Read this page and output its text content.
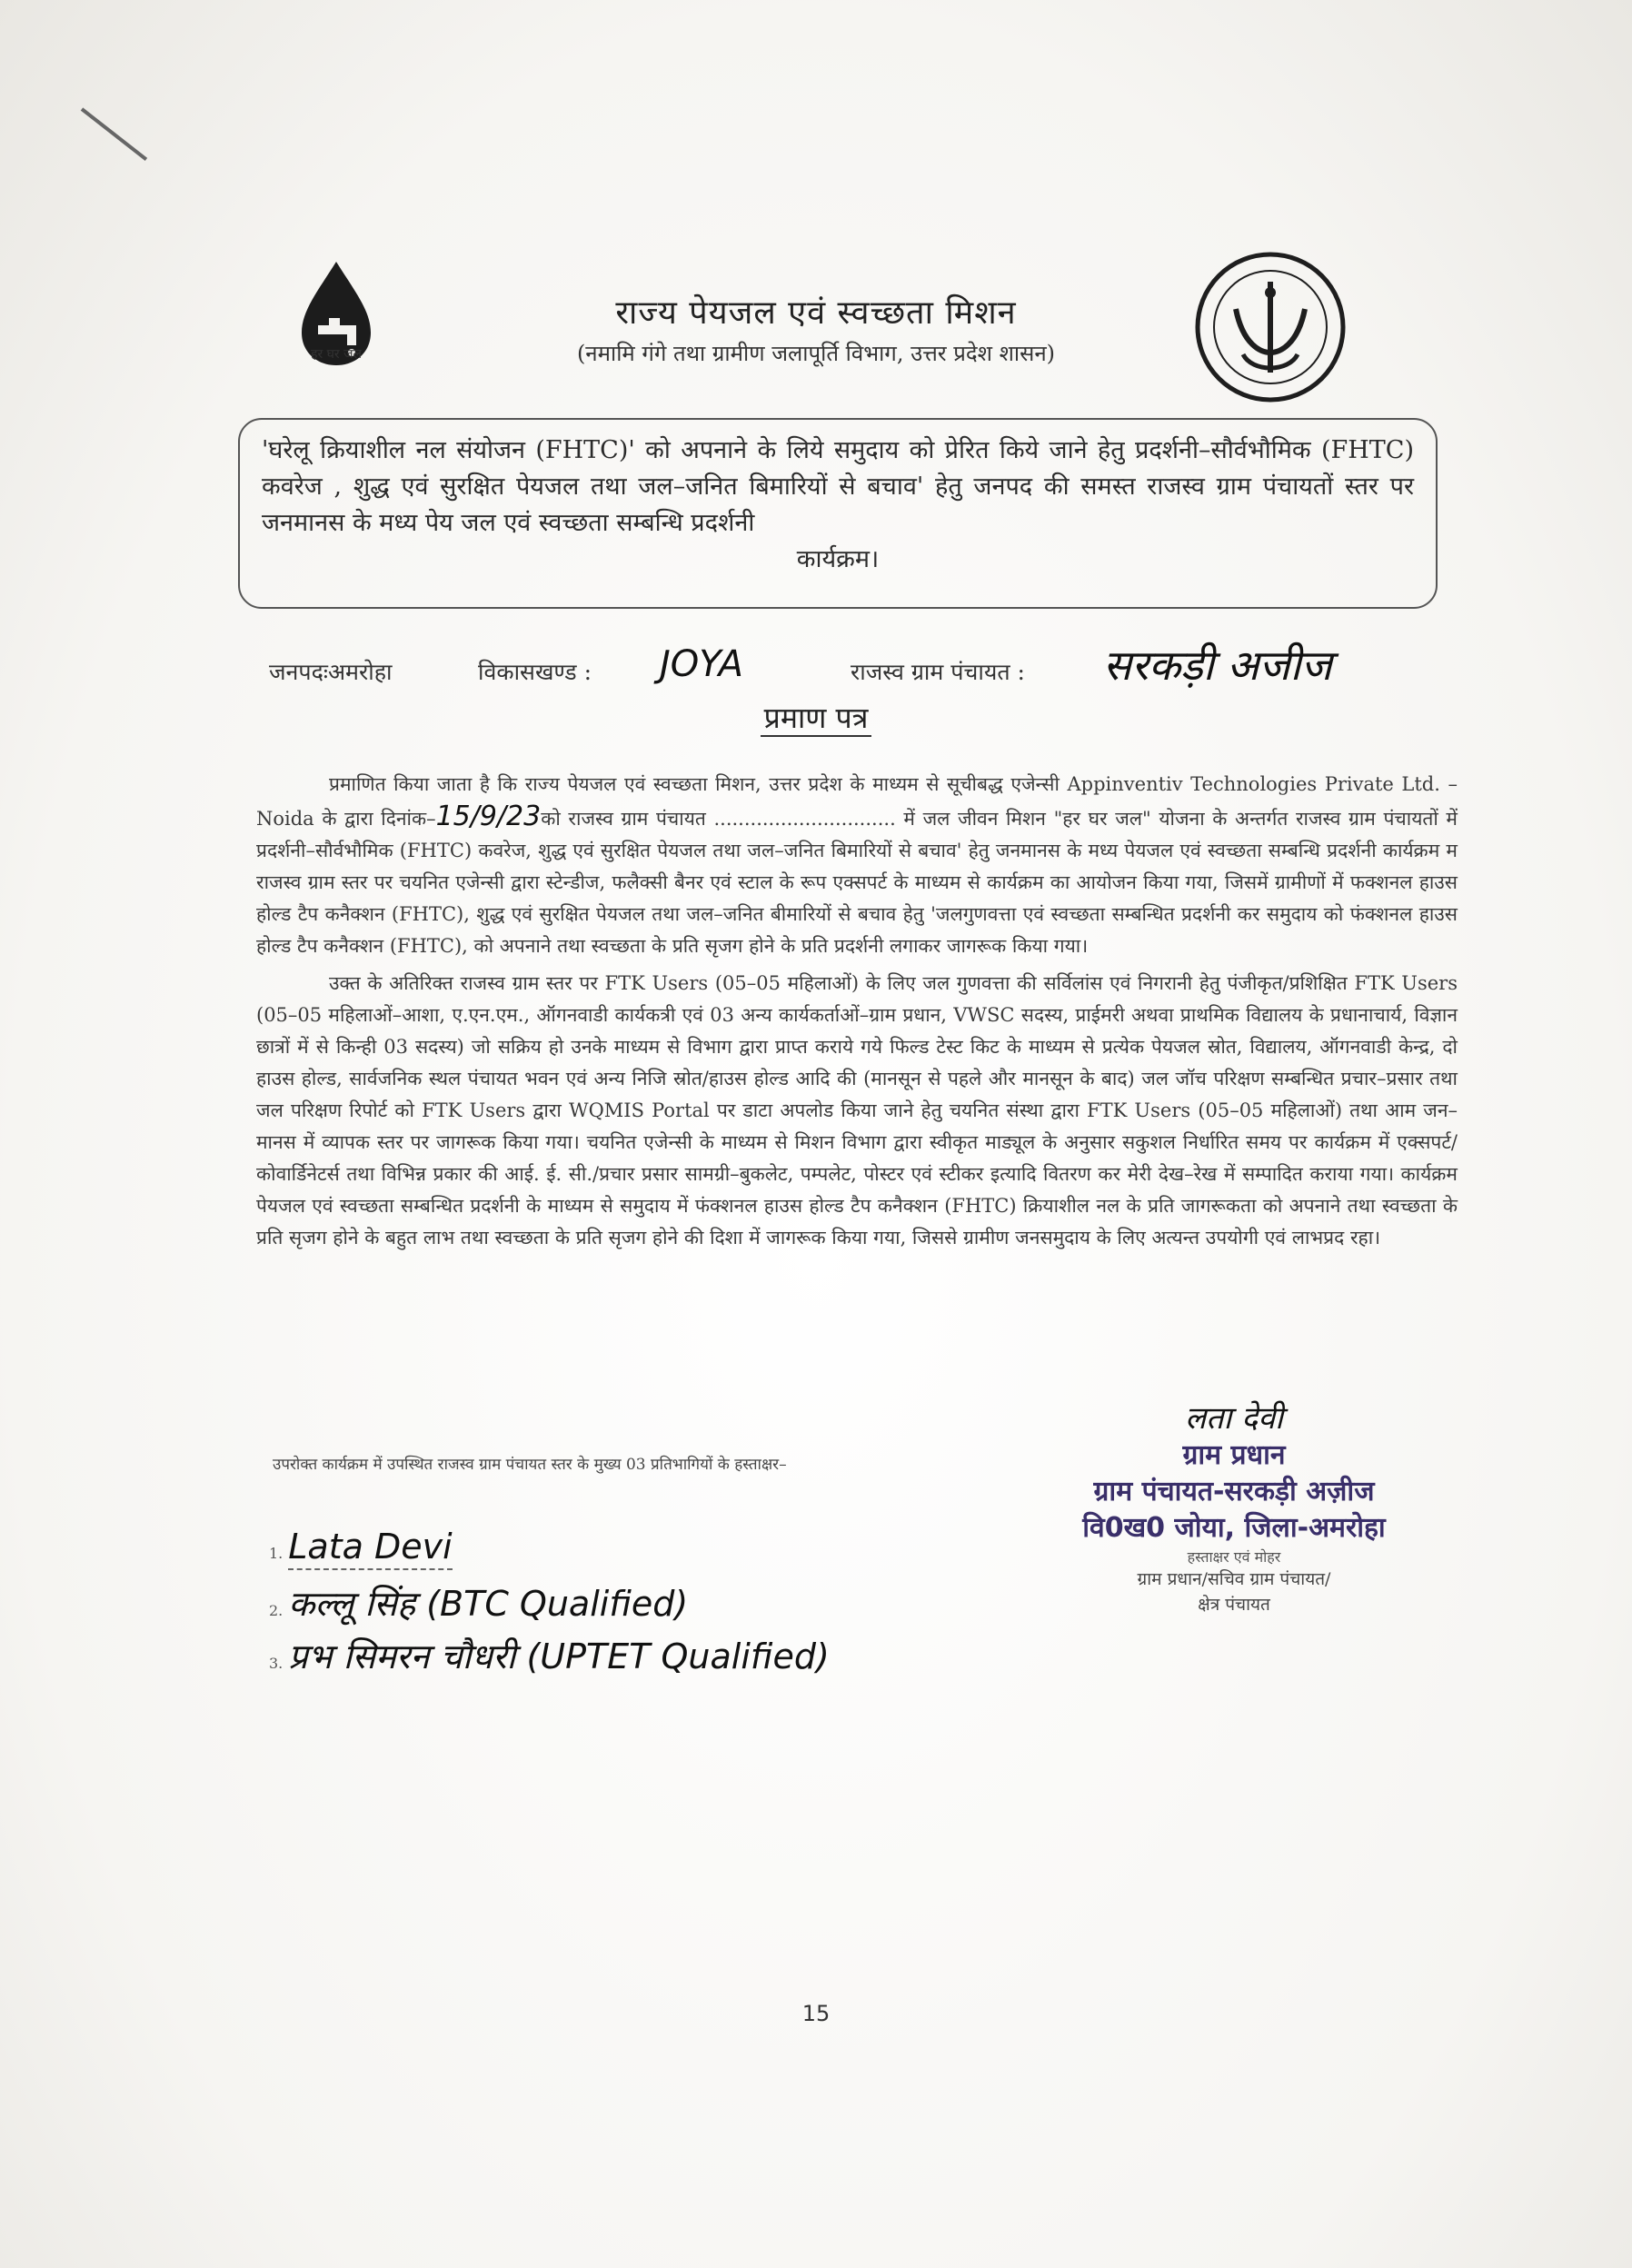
हर घर जल
राज्य पेयजल एवं स्वच्छता मिशन
(नमामि गंगे तथा ग्रामीण जलापूर्ति विभाग, उत्तर प्रदेश शासन)
'घरेलू क्रियाशील नल संयोजन (FHTC)' को अपनाने के लिये समुदाय को प्रेरित किये जाने हेतु प्रदर्शनी–सौर्वभौमिक (FHTC) कवरेज , शुद्ध एवं सुरक्षित पेयजल तथा जल–जनित बिमारियों से बचाव' हेतु जनपद की समस्त राजस्व ग्राम पंचायतों स्तर पर जनमानस के मध्य पेय जल एवं स्वच्छता सम्बन्धि प्रदर्शनी
कार्यक्रम।
जनपदःअमरोहा	विकासखण्ड : JOYA	राजस्व ग्राम पंचायत : सरकड़ी अजीज
प्रमाण पत्र

प्रमाणित किया जाता है कि राज्य पेयजल एवं स्वच्छता मिशन, उत्तर प्रदेश के माध्यम से सूचीबद्ध एजेन्सी Appinventiv Technologies Private Ltd. – Noida के द्वारा दिनांक–15/9/23को राजस्व ग्राम पंचायत .............................. में जल जीवन मिशन "हर घर जल" योजना के अन्तर्गत राजस्व ग्राम पंचायतों में प्रदर्शनी–सौर्वभौमिक (FHTC) कवरेज, शुद्ध एवं सुरक्षित पेयजल तथा जल–जनित बिमारियों से बचाव' हेतु जनमानस के मध्य पेयजल एवं स्वच्छता सम्बन्धि प्रदर्शनी कार्यक्रम म राजस्व ग्राम स्तर पर चयनित एजेन्सी द्वारा स्टेन्डीज, फलैक्सी बैनर एवं स्टाल के रूप एक्सपर्ट के माध्यम से कार्यक्रम का आयोजन किया गया, जिसमें ग्रामीणों में फक्शनल हाउस होल्ड टैप कनैक्शन (FHTC), शुद्ध एवं सुरक्षित पेयजल तथा जल–जनित बीमारियों से बचाव हेतु 'जलगुणवत्ता एवं स्वच्छता सम्बन्धित प्रदर्शनी कर समुदाय को फंक्शनल हाउस होल्ड टैप कनैक्शन (FHTC), को अपनाने तथा स्वच्छता के प्रति सृजग होने के प्रति प्रदर्शनी लगाकर जागरूक किया गया।

उक्त के अतिरिक्त राजस्व ग्राम स्तर पर FTK Users (05–05 महिलाओं) के लिए जल गुणवत्ता की सर्विलांस एवं निगरानी हेतु पंजीकृत/प्रशिक्षित FTK Users (05–05 महिलाओं–आशा, ए.एन.एम., ऑगनवाडी कार्यकत्री एवं 03 अन्य कार्यकर्ताओं–ग्राम प्रधान, VWSC सदस्य, प्राईमरी अथवा प्राथमिक विद्यालय के प्रधानाचार्य, विज्ञान छात्रों में से किन्ही 03 सदस्य) जो सक्रिय हो उनके माध्यम से विभाग द्वारा प्राप्त कराये गये फिल्ड टेस्ट किट के माध्यम से प्रत्येक पेयजल स्रोत, विद्यालय, ऑगनवाडी केन्द्र, दो हाउस होल्ड, सार्वजनिक स्थल पंचायत भवन एवं अन्य निजि स्रोत/हाउस होल्ड आदि की (मानसून से पहले और मानसून के बाद) जल जॉच परिक्षण सम्बन्धित प्रचार–प्रसार तथा जल परिक्षण रिपोर्ट को FTK Users द्वारा WQMIS Portal पर डाटा अपलोड किया जाने हेतु चयनित संस्था द्वारा FTK Users (05–05 महिलाओं) तथा आम जन–मानस में व्यापक स्तर पर जागरूक किया गया। चयनित एजेन्सी के माध्यम से मिशन विभाग द्वारा स्वीकृत माड्यूल के अनुसार सकुशल निर्धारित समय पर कार्यक्रम में एक्सपर्ट/कोवार्डिनेटर्स तथा विभिन्न प्रकार की आई. ई. सी./प्रचार प्रसार सामग्री–बुकलेट, पम्पलेट, पोस्टर एवं स्टीकर इत्यादि वितरण कर मेरी देख–रेख में सम्पादित कराया गया। कार्यक्रम पेयजल एवं स्वच्छता सम्बन्धित प्रदर्शनी के माध्यम से समुदाय में फंक्शनल हाउस होल्ड टैप कनैक्शन (FHTC) क्रियाशील नल के प्रति जागरूकता को अपनाने तथा स्वच्छता के प्रति सृजग होने के बहुत लाभ तथा स्वच्छता के प्रति सृजग होने की दिशा में जागरूक किया गया, जिससे ग्रामीण जनसमुदाय के लिए अत्यन्त उपयोगी एवं लाभप्रद रहा।

उपरोक्त कार्यक्रम में उपस्थित राजस्व ग्राम पंचायत स्तर के मुख्य 03 प्रतिभागियों के हस्ताक्षर–
लता देवी
ग्राम प्रधान
ग्राम पंचायत-सरकड़ी अज़ीज
वि0ख0 जोया, जिला-अमरोहा
हस्ताक्षर एवं मोहर
ग्राम प्रधान/सचिव ग्राम पंचायत/
क्षेत्र पंचायत
1. Lata Devi
2. कल्लू सिंह (BTC Qualified)
3. प्रभ सिमरन चौधरी (UPTET Qualified)
15
